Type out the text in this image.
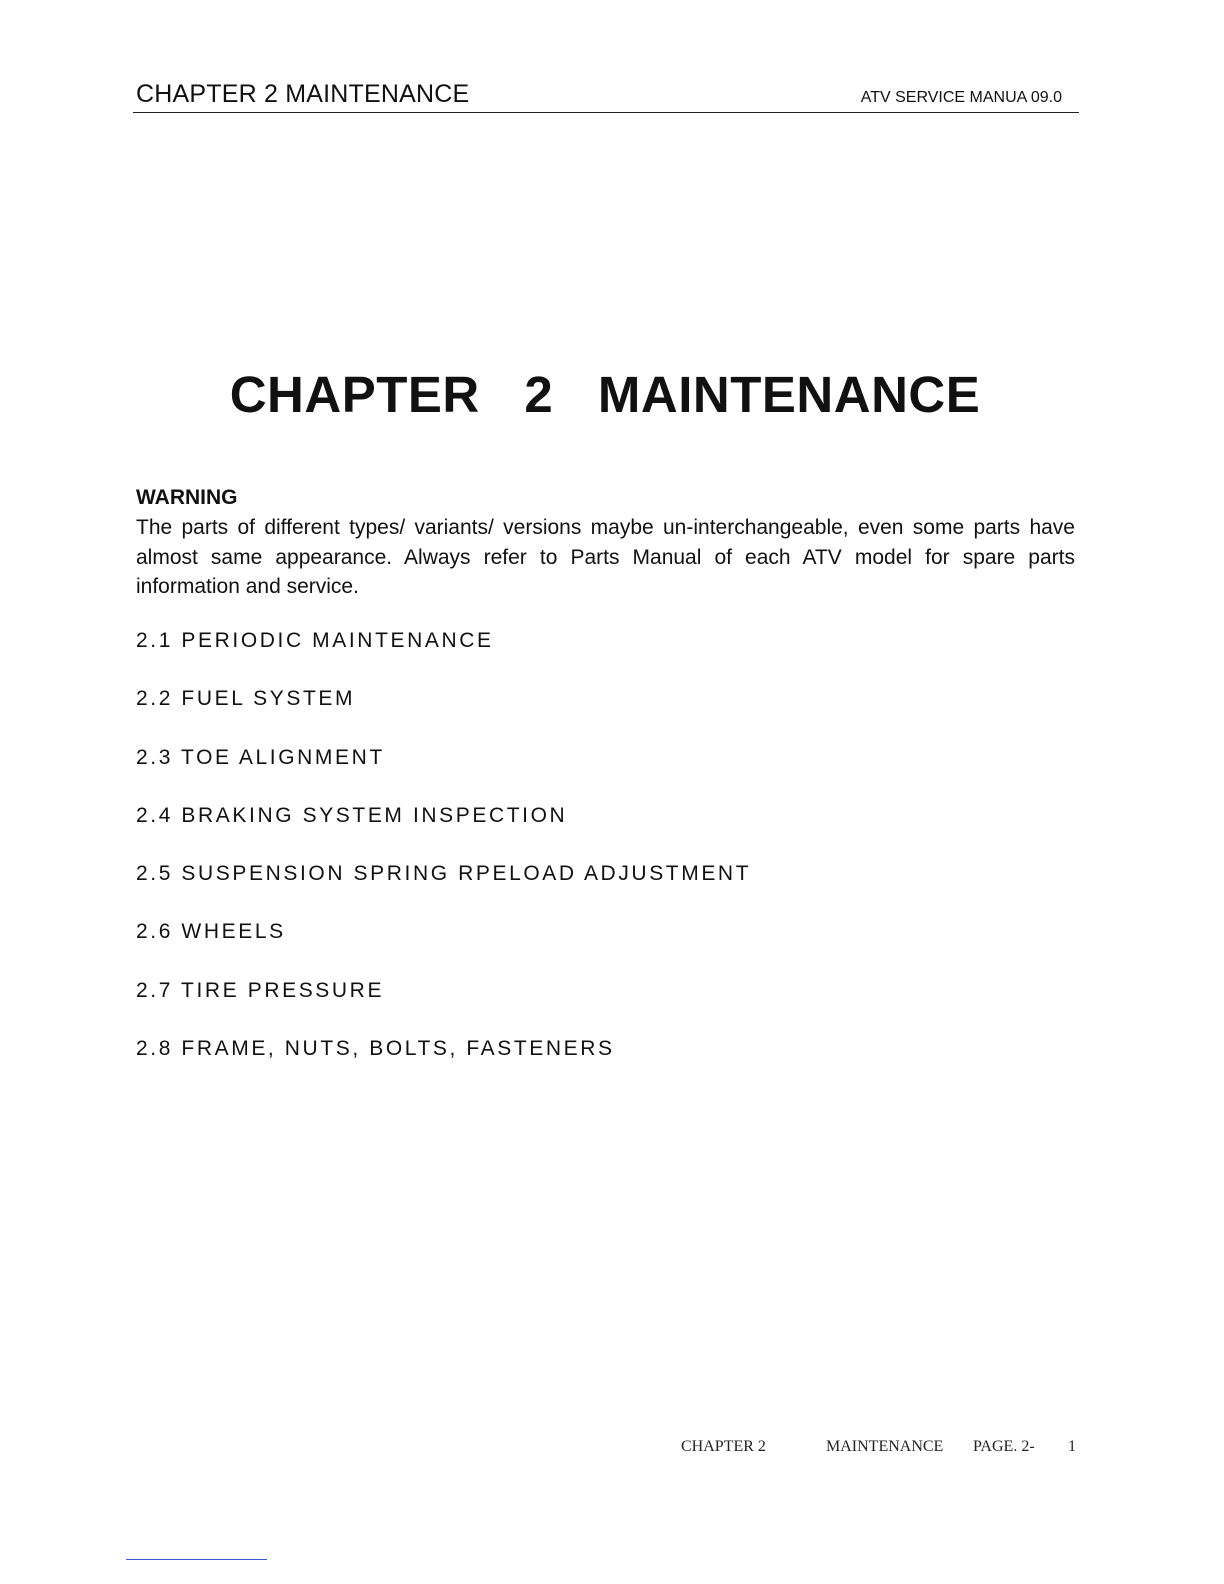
CHAPTER 2 MAINTENANCE	ATV SERVICE MANUA 09.0
CHAPTER 2 MAINTENANCE
WARNING
The parts of different types/ variants/ versions maybe un-interchangeable, even some parts have almost same appearance. Always refer to Parts Manual of each ATV model for spare parts information and service.
2.1 PERIODIC MAINTENANCE
2.2 FUEL SYSTEM
2.3 TOE ALIGNMENT
2.4 BRAKING SYSTEM INSPECTION
2.5 SUSPENSION SPRING RPELOAD ADJUSTMENT
2.6 WHEELS
2.7 TIRE PRESSURE
2.8 FRAME, NUTS, BOLTS, FASTENERS

CHAPTER 2

	MAINTENANCE

PAGE. 2-

1
